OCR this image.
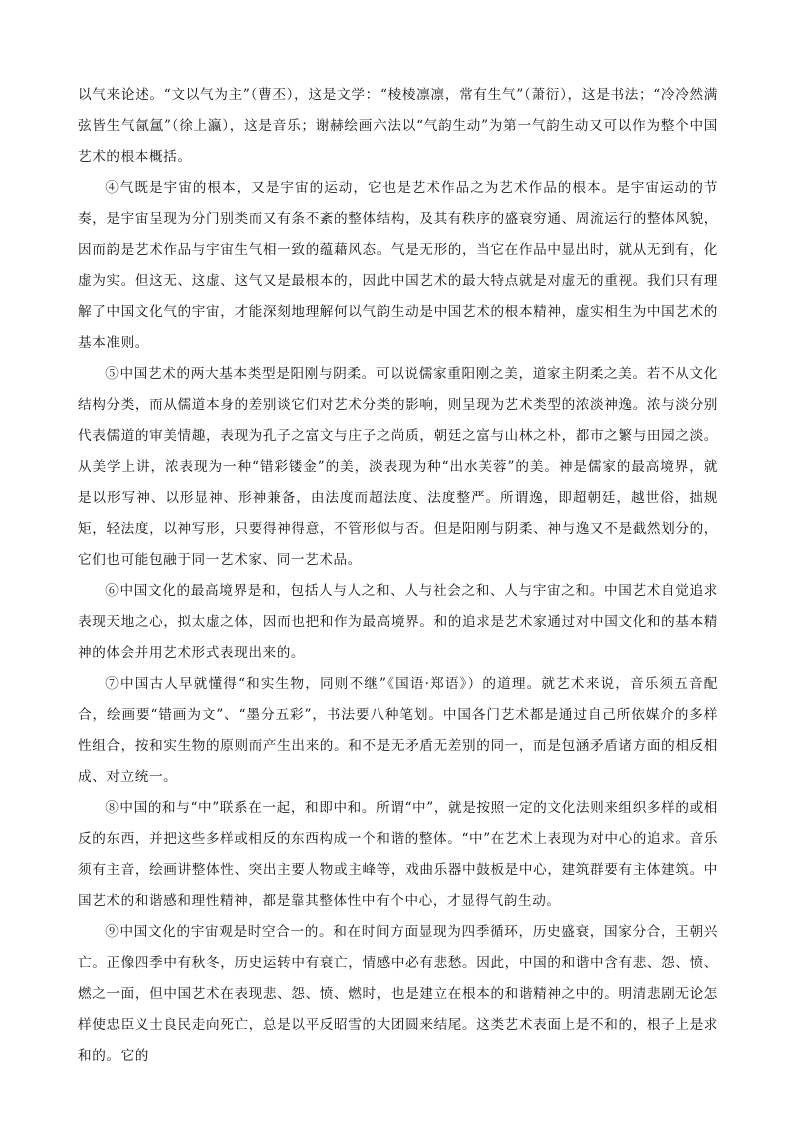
以气来论述。“文以气为主”（曹丕），这是文学：“棱棱凛凛，常有生气”（萧衍），这是书法；“冷冷然满弦皆生气氤氲”（徐上瀛），这是音乐；谢赫绘画六法以“气韵生动”为第一气韵生动又可以作为整个中国艺术的根本概括。

④气既是宇宙的根本，又是宇宙的运动，它也是艺术作品之为艺术作品的根本。是宇宙运动的节奏，是宇宙呈现为分门别类而又有条不紊的整体结构，及其有秩序的盛衰穷通、周流运行的整体风貌，因而韵是艺术作品与宇宙生气相一致的蕴藉风态。气是无形的，当它在作品中显出时，就从无到有，化虚为实。但这无、这虚、这气又是最根本的，因此中国艺术的最大特点就是对虚无的重视。我们只有理解了中国文化气的宇宙，才能深刻地理解何以气韵生动是中国艺术的根本精神，虚实相生为中国艺术的基本准则。

⑤中国艺术的两大基本类型是阳刚与阴柔。可以说儒家重阳刚之美，道家主阴柔之美。若不从文化结构分类，而从儒道本身的差别谈它们对艺术分类的影响，则呈现为艺术类型的浓淡神逸。浓与淡分别代表儒道的审美情趣，表现为孔子之富文与庄子之尚质，朝廷之富与山林之朴，都市之繁与田园之淡。从美学上讲，浓表现为一种“错彩镂金”的美，淡表现为种“出水芙蓉”的美。神是儒家的最高境界，就是以形写神、以形显神、形神兼备，由法度而超法度、法度整严。所谓逸，即超朝廷，越世俗，拙规矩，轻法度，以神写形，只要得神得意，不管形似与否。但是阳刚与阴柔、神与逸又不是截然划分的，它们也可能包融于同一艺术家、同一艺术品。

⑥中国文化的最高境界是和，包括人与人之和、人与社会之和、人与宇宙之和。中国艺术自觉追求表现天地之心，拟太虚之体，因而也把和作为最高境界。和的追求是艺术家通过对中国文化和的基本精神的体会并用艺术形式表现出来的。

⑦中国古人早就懂得“和实生物，同则不继”《国语·郑语》）的道理。就艺术来说，音乐须五音配合，绘画要“错画为文”、“墨分五彩”，书法要八种笔划。中国各门艺术都是通过自己所依媒介的多样性组合，按和实生物的原则而产生出来的。和不是无矛盾无差别的同一，而是包涵矛盾诸方面的相反相成、对立统一。

⑧中国的和与“中”联系在一起，和即中和。所谓“中”，就是按照一定的文化法则来组织多样的或相反的东西，并把这些多样或相反的东西构成一个和谐的整体。“中”在艺术上表现为对中心的追求。音乐须有主音，绘画讲整体性、突出主要人物或主峰等，戏曲乐器中鼓板是中心，建筑群要有主体建筑。中国艺术的和谐感和理性精神，都是靠其整体性中有个中心，才显得气韵生动。

⑨中国文化的宇宙观是时空合一的。和在时间方面显现为四季循环，历史盛衰，国家分合，王朝兴亡。正像四季中有秋冬，历史运转中有衰亡，情感中必有悲愁。因此，中国的和谐中含有悲、怨、愤、燃之一面，但中国艺术在表现悲、怨、愤、燃时，也是建立在根本的和谐精神之中的。明清悲剧无论怎样使忠臣义士良民走向死亡，总是以平反昭雪的大团圆来结尾。这类艺术表面上是不和的，根子上是求和的。它的
